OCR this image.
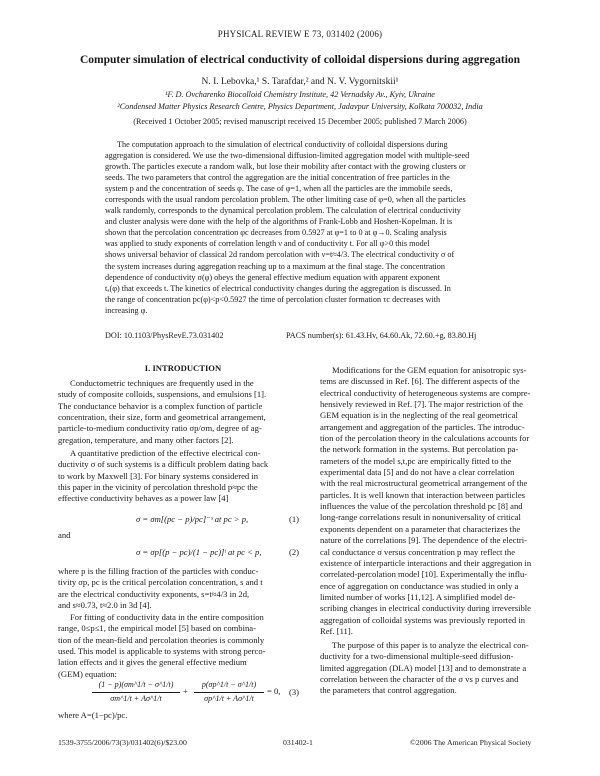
PHYSICAL REVIEW E 73, 031402 (2006)
Computer simulation of electrical conductivity of colloidal dispersions during aggregation
N. I. Lebovka,¹ S. Tarafdar,² and N. V. Vygornitskii¹
¹F. D. Ovcharenko Biocolloid Chemistry Institute, 42 Vernadsky Av., Kyiv, Ukraine
²Condensed Matter Physics Research Centre, Physics Department, Jadavpur University, Kolkata 700032, India
(Received 1 October 2005; revised manuscript received 15 December 2005; published 7 March 2006)
The computation approach to the simulation of electrical conductivity of colloidal dispersions during
aggregation is considered. We use the two-dimensional diffusion-limited aggregation model with multiple-seed
growth. The particles execute a random walk, but lose their mobility after contact with the growing clusters or
seeds. The two parameters that control the aggregation are the initial concentration of free particles in the
system p and the concentration of seeds φ. The case of φ=1, when all the particles are the immobile seeds,
corresponds with the usual random percolation problem. The other limiting case of φ=0, when all the particles
walk randomly, corresponds to the dynamical percolation problem. The calculation of electrical conductivity
and cluster analysis were done with the help of the algorithms of Frank-Lobb and Hoshen-Kopelman. It is
shown that the percolation concentration φc decreases from 0.5927 at φ=1 to 0 at φ→0. Scaling analysis
was applied to study exponents of correlation length ν and of conductivity t. For all φ>0 this model
shows universal behavior of classical 2d random percolation with ν=t≈4/3. The electrical conductivity σ of
the system increases during aggregation reaching up to a maximum at the final stage. The concentration
dependence of conductivity σ(φ) obeys the general effective medium equation with apparent exponent
tₐ(φ) that exceeds t. The kinetics of electrical conductivity changes during the aggregation is discussed. In
the range of concentration pc(φ)<p<0.5927 the time of percolation cluster formation τc decreases with
increasing φ.
DOI: 10.1103/PhysRevE.73.031402	PACS number(s): 61.43.Hv, 64.60.Ak, 72.60.+g, 83.80.Hj
I. INTRODUCTION
Conductometric techniques are frequently used in the
study of composite colloids, suspensions, and emulsions [1].
The conductance behavior is a complex function of particle
concentration, their size, form and geometrical arrangement,
particle-to-medium conductivity ratio σp/σm, degree of ag-
gregation, temperature, and many other factors [2].
A quantitative prediction of the effective electrical con-
ductivity σ of such systems is a difficult problem dating back
to work by Maxwell [3]. For binary systems considered in
this paper in the vicinity of percolation threshold p≈pc the
effective conductivity behaves as a power law [4]
σ = σm[(pc − p)/pc]⁻ˢ at pc > p,	(1)
and
σ = σp[(p − pc)/(1 − pc)]ᵗ at pc < p,	(2)
where p is the filling fraction of the particles with conduc-
tivity σp, pc is the critical percolation concentration, s and t
are the electrical conductivity exponents, s=t≈4/3 in 2d,
and s≈0.73, t≈2.0 in 3d [4].
For fitting of conductivity data in the entire composition
range, 0≤p≤1, the empirical model [5] based on combina-
tion of the mean-field and percolation theories is commonly
used. This model is applicable to systems with strong perco-
lation effects and it gives the general effective medium
(GEM) equation:
(1 − p)(σm^1/t − σ^1/t)
σm^1/t + Aσ^1/t
+
p(σp^1/t − σ^1/t)
σp^1/t + Aσ^1/t
= 0, (3)
where A=(1−pc)/pc.
Modifications for the GEM equation for anisotropic sys-
tems are discussed in Ref. [6]. The different aspects of the
electrical conductivity of heterogeneous systems are compre-
hensively reviewed in Ref. [7]. The major restriction of the
GEM equation is in the neglecting of the real geometrical
arrangement and aggregation of the particles. The introduc-
tion of the percolation theory in the calculations accounts for
the network formation in the systems. But percolation pa-
rameters of the model s,t,pc are empirically fitted to the
experimental data [5] and do not have a clear correlation
with the real microstructural geometrical arrangement of the
particles. It is well known that interaction between particles
influences the value of the percolation threshold pc [8] and
long-range correlations result in nonuniversality of critical
exponents dependent on a parameter that characterizes the
nature of the correlations [9]. The dependence of the electri-
cal conductance σ versus concentration p may reflect the
existence of interparticle interactions and their aggregation in
correlated-percolation model [10]. Experimentally the influ-
ence of aggregation on conductance was studied in only a
limited number of works [11,12]. A simplified model de-
scribing changes in electrical conductivity during irreversible
aggregation of colloidal systems was previously reported in
Ref. [11].
The purpose of this paper is to analyze the electrical con-
ductivity for a two-dimensional multiple-seed diffusion-
limited aggregation (DLA) model [13] and to demonstrate a
correlation between the character of the σ vs p curves and
the parameters that control aggregation.
1539-3755/2006/73(3)/031402(6)/$23.00	031402-1	©2006 The American Physical Society
